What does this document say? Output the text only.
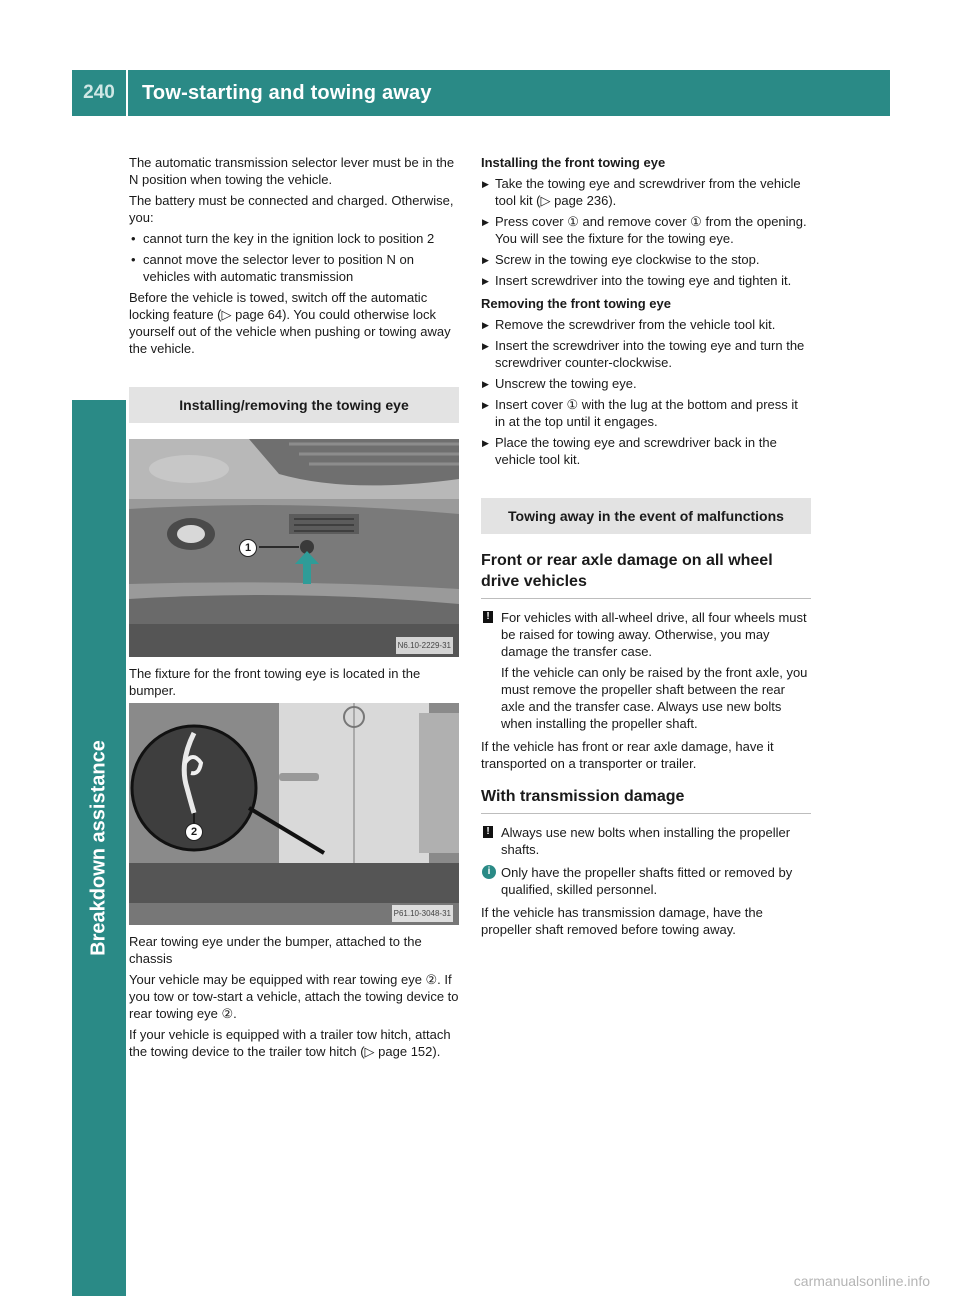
240	Tow-starting and towing away
Breakdown assistance

The automatic transmission selector lever must be in the N position when towing the vehicle.

The battery must be connected and charged. Otherwise, you:

• cannot turn the key in the ignition lock to position 2
• cannot move the selector lever to position N on vehicles with automatic transmission

Before the vehicle is towed, switch off the automatic locking feature (▷ page 64). You could otherwise lock yourself out of the vehicle when pushing or towing away the vehicle.

Installing/removing the towing eye
1
N6.10-2229-31

The fixture for the front towing eye is located in the bumper.

2
P61.10-3048-31

Rear towing eye under the bumper, attached to the chassis

Your vehicle may be equipped with rear towing eye ②. If you tow or tow-start a vehicle, attach the towing device to rear towing eye ②.

If your vehicle is equipped with a trailer tow hitch, attach the towing device to the trailer tow hitch (▷ page 152).

Installing the front towing eye
▶ Take the towing eye and screwdriver from the vehicle tool kit (▷ page 236).
▶ Press cover ① and remove cover ① from the opening.
You will see the fixture for the towing eye.
▶ Screw in the towing eye clockwise to the stop.
▶ Insert screwdriver into the towing eye and tighten it.
Removing the front towing eye
▶ Remove the screwdriver from the vehicle tool kit.
▶ Insert the screwdriver into the towing eye and turn the screwdriver counter-clockwise.
▶ Unscrew the towing eye.
▶ Insert cover ① with the lug at the bottom and press it in at the top until it engages.
▶ Place the towing eye and screwdriver back in the vehicle tool kit.
Towing away in the event of malfunctions
Front or rear axle damage on all wheel drive vehicles
! For vehicles with all-wheel drive, all four wheels must be raised for towing away. Otherwise, you may damage the transfer case.
If the vehicle can only be raised by the front axle, you must remove the propeller shaft between the rear axle and the transfer case. Always use new bolts when installing the propeller shaft.

If the vehicle has front or rear axle damage, have it transported on a transporter or trailer.

With transmission damage
! Always use new bolts when installing the propeller shafts.
i Only have the propeller shafts fitted or removed by qualified, skilled personnel.

If the vehicle has transmission damage, have the propeller shaft removed before towing away.

carmanualsonline.info
